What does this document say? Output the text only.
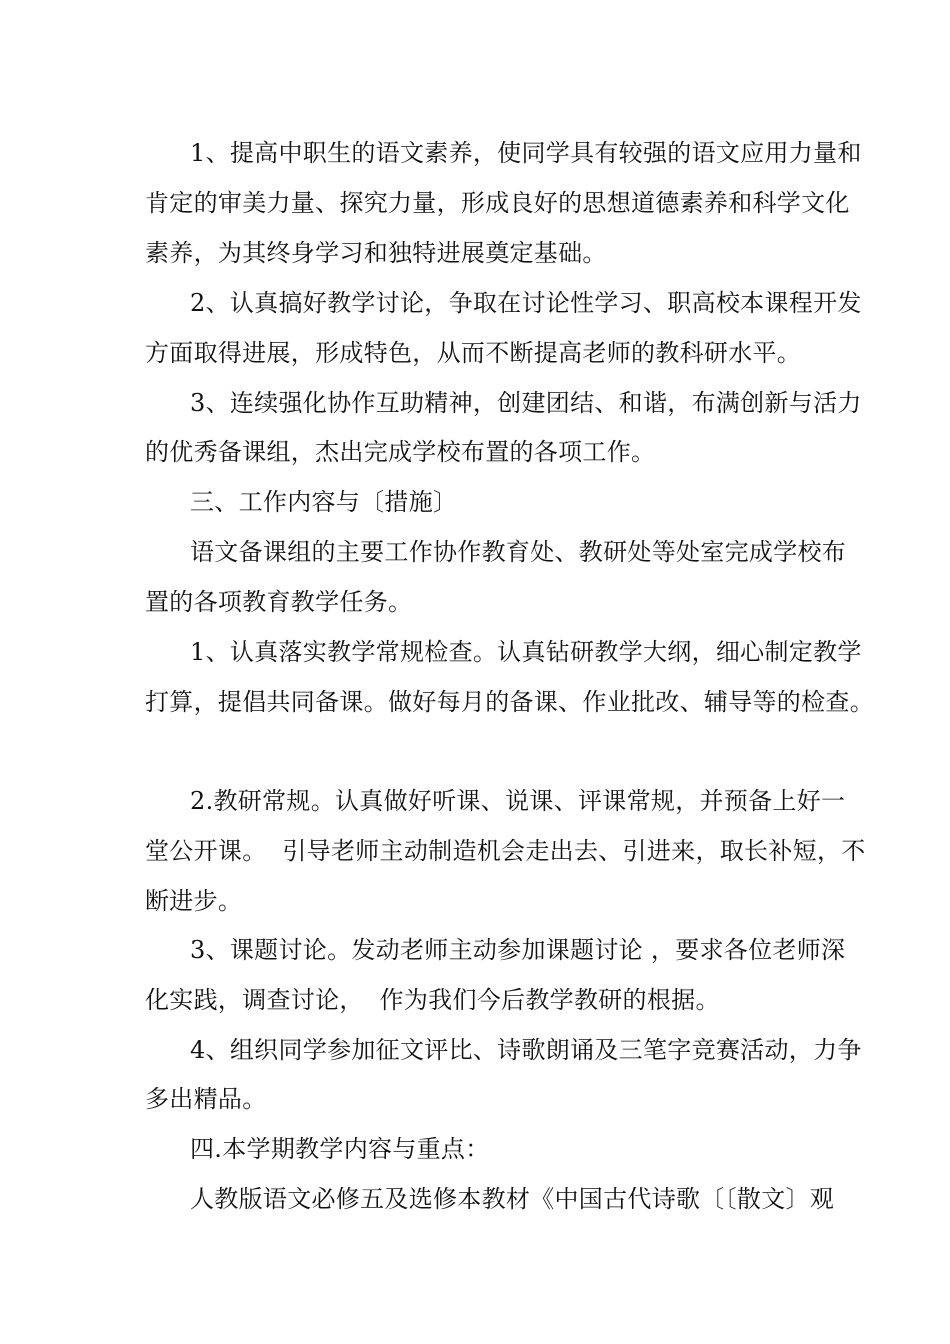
1、提高中职生的语文素养，使同学具有较强的语文应用力量和
肯定的审美力量、探究力量，形成良好的思想道德素养和科学文化
素养，为其终身学习和独特进展奠定基础。
2、认真搞好教学讨论，争取在讨论性学习、职高校本课程开发
方面取得进展，形成特色，从而不断提高老师的教科研水平。
3、连续强化协作互助精神，创建团结、和谐，布满创新与活力
的优秀备课组，杰出完成学校布置的各项工作。
三、工作内容与〔措施〕
语文备课组的主要工作协作教育处、教研处等处室完成学校布
置的各项教育教学任务。
1、认真落实教学常规检查。认真钻研教学大纲，细心制定教学
打算，提倡共同备课。做好每月的备课、作业批改、辅导等的检查。
2.教研常规。认真做好听课、说课、评课常规，并预备上好一
堂公开课。  引导老师主动制造机会走出去、引进来，取长补短，不
断进步。
3、课题讨论。发动老师主动参加课题讨论 ，要求各位老师深
化实践，调查讨论，  作为我们今后教学教研的根据。
4、组织同学参加征文评比、诗歌朗诵及三笔字竞赛活动，力争
多出精品。
四.本学期教学内容与重点：
人教版语文必修五及选修本教材《中国古代诗歌〔〔散文〕观
